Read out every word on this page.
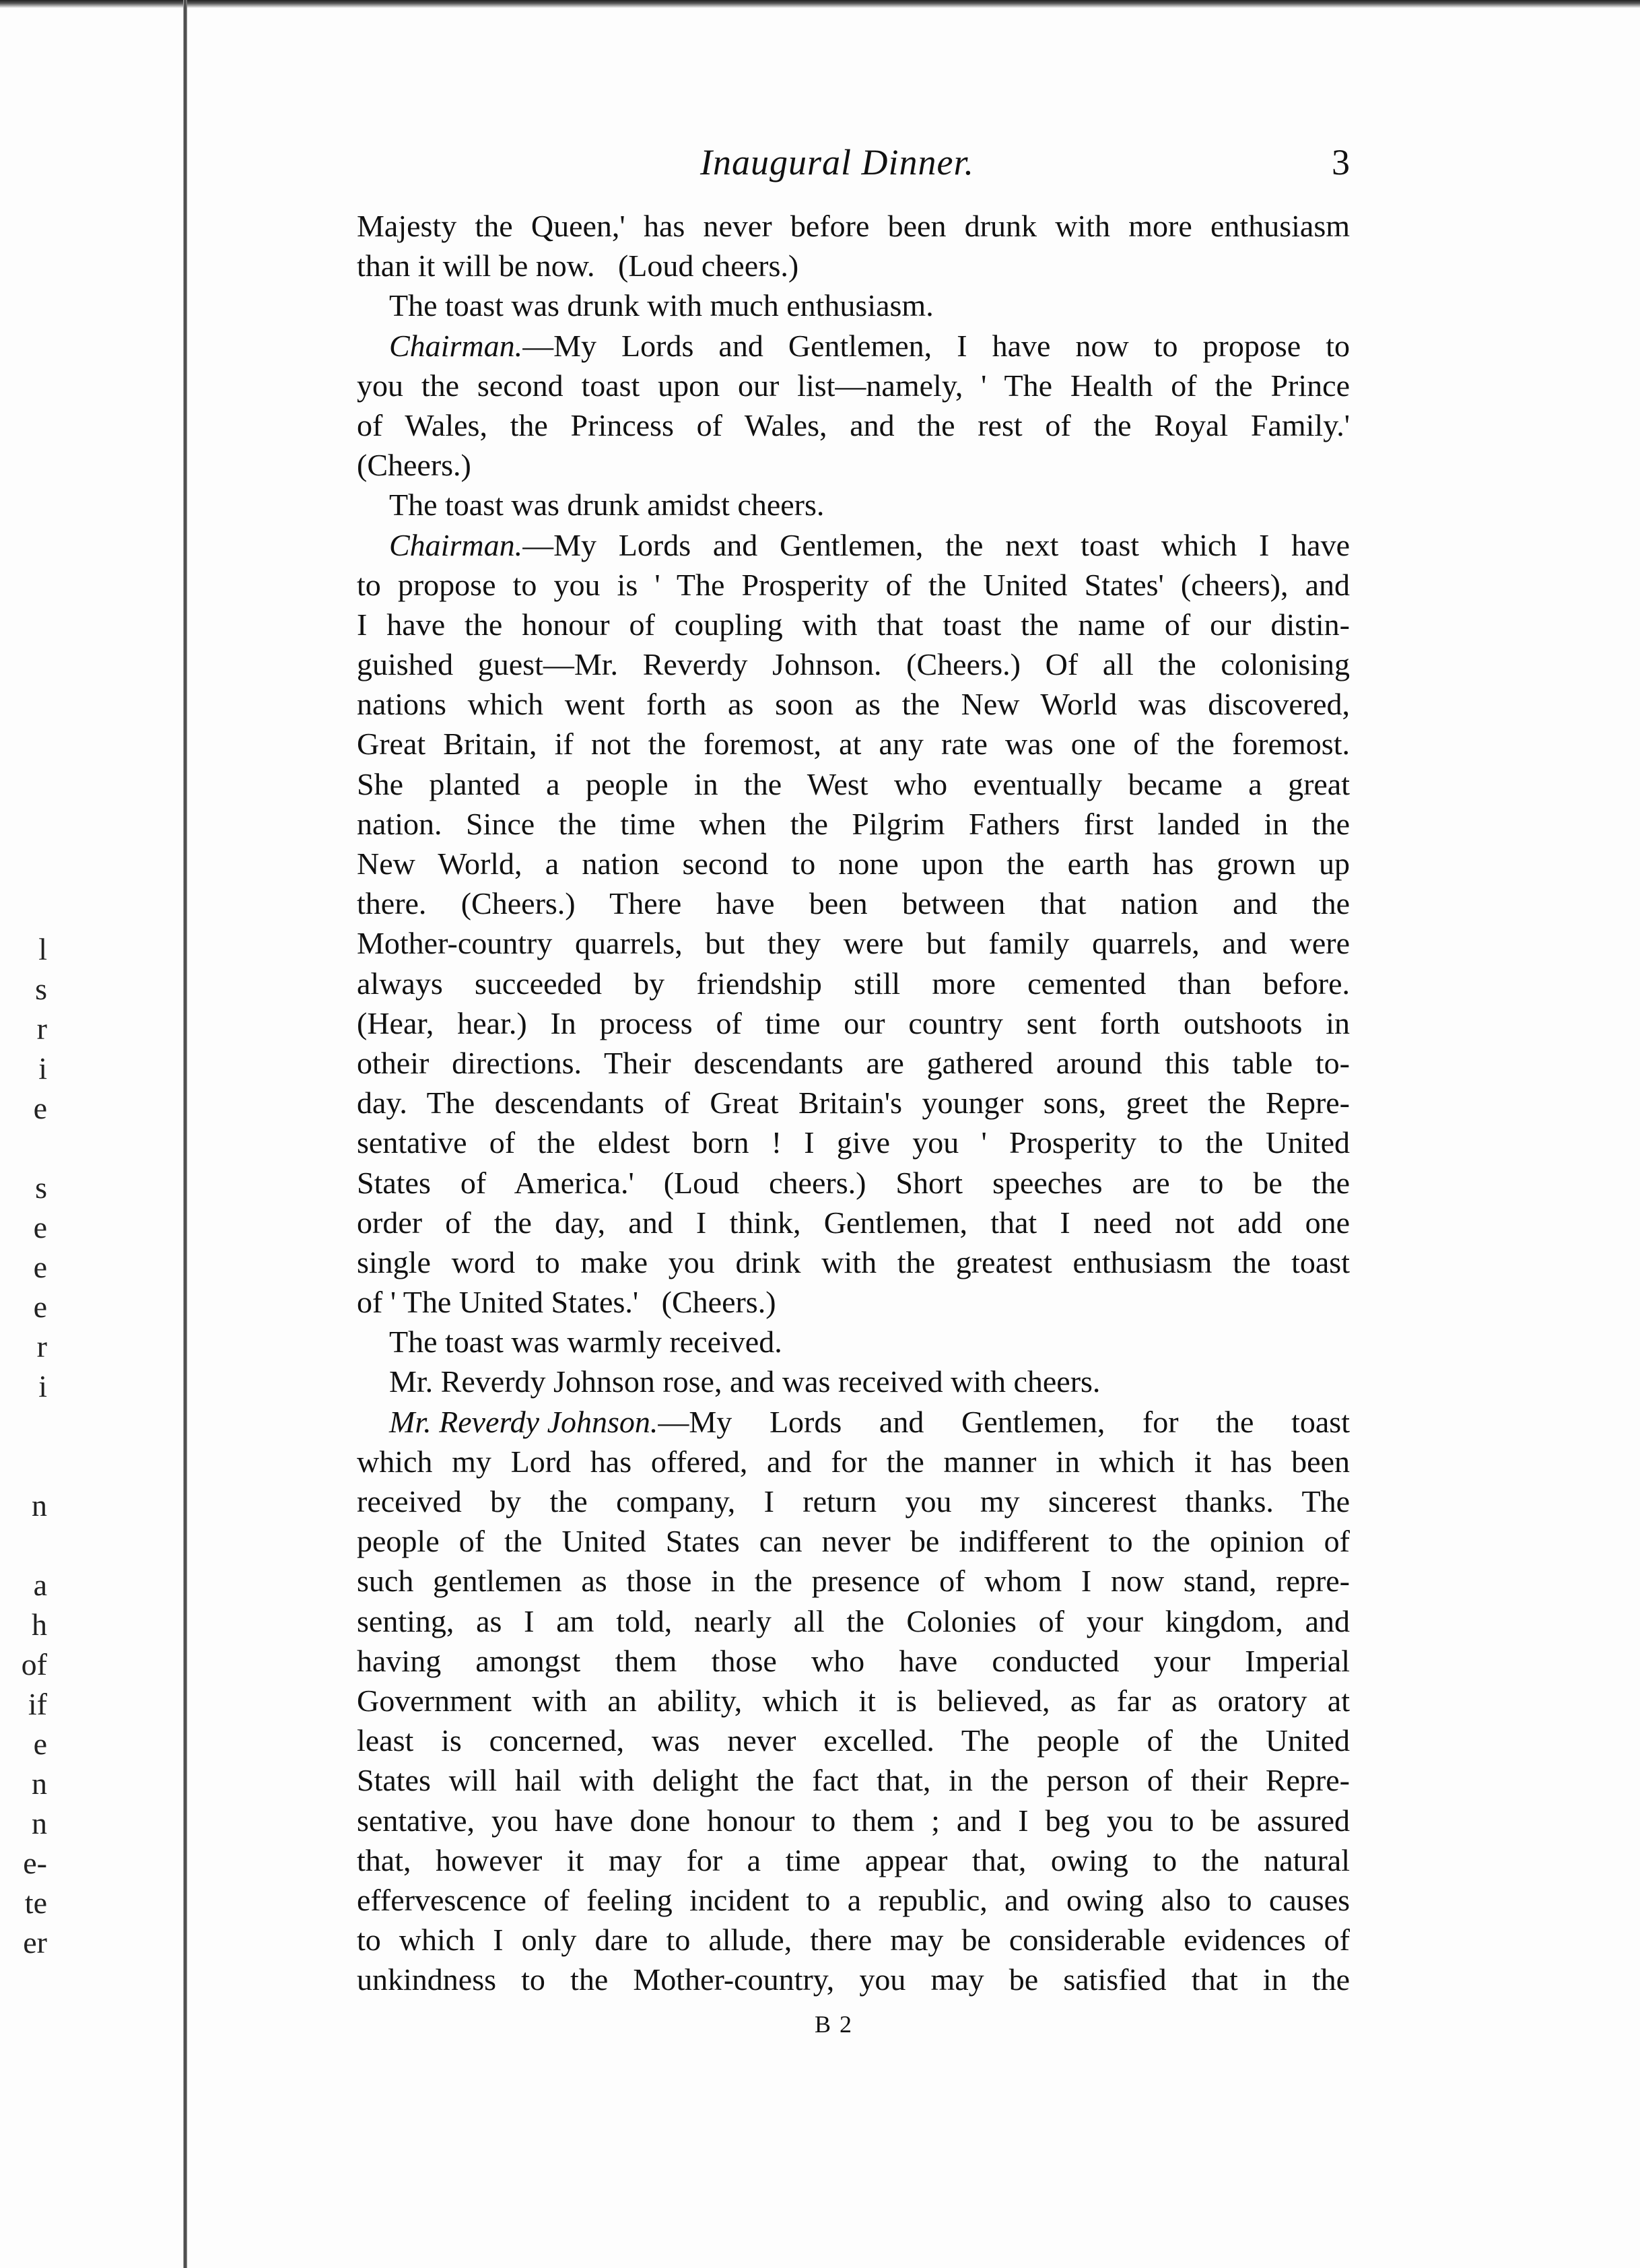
l
s
r
i
e
s
e
e
e
r
i
n
a
h
of
if
e
n
n
e-
te
er
Inaugural Dinner.	3
Majesty the Queen,' has never before been drunk with more enthusiasm
than it will be now.   (Loud cheers.)
The toast was drunk with much enthusiasm.
Chairman. —My Lords and Gentlemen, I have now to propose to
you the second toast upon our list—namely, ' The Health of the Prince
of Wales, the Princess of Wales, and the rest of the Royal Family.'
(Cheers.)
The toast was drunk amidst cheers.
Chairman. —My Lords and Gentlemen, the next toast which I have
to propose to you is ' The Prosperity of the United States' (cheers), and
I have the honour of coupling with that toast the name of our distin-
guished guest—Mr. Reverdy Johnson. (Cheers.) Of all the colonising
nations which went forth as soon as the New World was discovered,
Great Britain, if not the foremost, at any rate was one of the foremost.
She planted a people in the West who eventually became a great
nation. Since the time when the Pilgrim Fathers first landed in the
New World, a nation second to none upon the earth has grown up
there. (Cheers.) There have been between that nation and the
Mother-country quarrels, but they were but family quarrels, and were
always succeeded by friendship still more cemented than before.
(Hear, hear.) In process of time our country sent forth outshoots in
otheir directions. Their descendants are gathered around this table to-
day. The descendants of Great Britain's younger sons, greet the Repre-
sentative of the eldest born ! I give you ' Prosperity to the United
States of America.' (Loud cheers.) Short speeches are to be the
order of the day, and I think, Gentlemen, that I need not add one
single word to make you drink with the greatest enthusiasm the toast
of ' The United States.'   (Cheers.)
The toast was warmly received.
Mr. Reverdy Johnson rose, and was received with cheers.
Mr. Reverdy Johnson. —My Lords and Gentlemen, for the toast
which my Lord has offered, and for the manner in which it has been
received by the company, I return you my sincerest thanks. The
people of the United States can never be indifferent to the opinion of
such gentlemen as those in the presence of whom I now stand, repre-
senting, as I am told, nearly all the Colonies of your kingdom, and
having amongst them those who have conducted your Imperial
Government with an ability, which it is believed, as far as oratory at
least is concerned, was never excelled. The people of the United
States will hail with delight the fact that, in the person of their Repre-
sentative, you have done honour to them ; and I beg you to be assured
that, however it may for a time appear that, owing to the natural
effervescence of feeling incident to a republic, and owing also to causes
to which I only dare to allude, there may be considerable evidences of
unkindness to the Mother-country, you may be satisfied that in the
B 2
